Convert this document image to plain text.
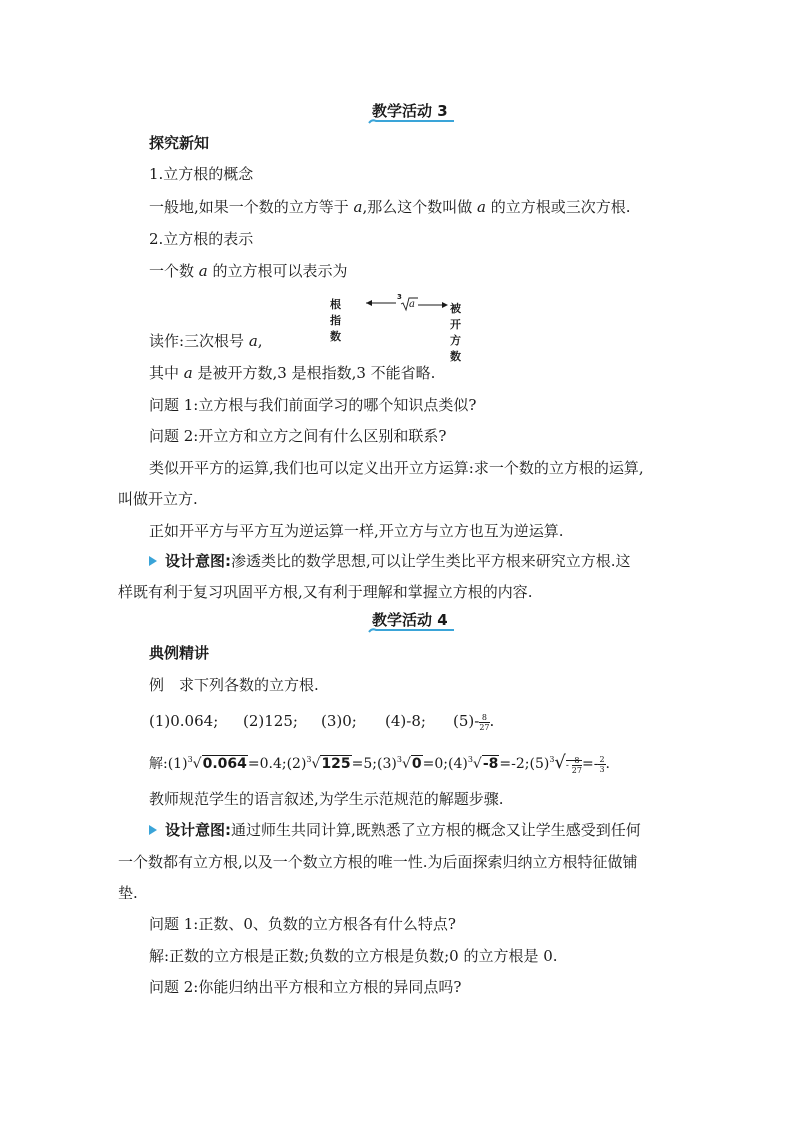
教学活动 3
探究新知
1.立方根的概念
一般地,如果一个数的立方等于 a,那么这个数叫做 a 的立方根或三次方根.
2.立方根的表示
一个数 a 的立方根可以表示为
根指数
3
a	被开方数
读作:三次根号 a,
其中 a 是被开方数,3 是根指数,3 不能省略.
问题 1:立方根与我们前面学习的哪个知识点类似?
问题 2:开立方和立方之间有什么区别和联系?
类似开平方的运算,我们也可以定义出开立方运算:求一个数的立方根的运算,
叫做开立方.
正如开平方与平方互为逆运算一样,开立方与立方也互为逆运算.
设计意图:渗透类比的数学思想,可以让学生类比平方根来研究立方根.这
样既有利于复习巩固平方根,又有利于理解和掌握立方根的内容.
教学活动 4
典例精讲
例　求下列各数的立方根.
(1)0.064; (2)125; (3)0; (4)-8; $(5)- \frac{8}{27}$ .
解$:(1)^3√0.064=0.4;(2)^3√125=5;(3)^3√0=0;(4)^3√-8=-2;(5)^3√- \frac{8}{27} =- \frac{2}{3}$ .
教师规范学生的语言叙述,为学生示范规范的解题步骤.
设计意图:通过师生共同计算,既熟悉了立方根的概念又让学生感受到任何
一个数都有立方根,以及一个数立方根的唯一性.为后面探索归纳立方根特征做铺
垫.
问题 1:正数、0、负数的立方根各有什么特点?
解:正数的立方根是正数;负数的立方根是负数;0 的立方根是 0.
问题 2:你能归纳出平方根和立方根的异同点吗?
